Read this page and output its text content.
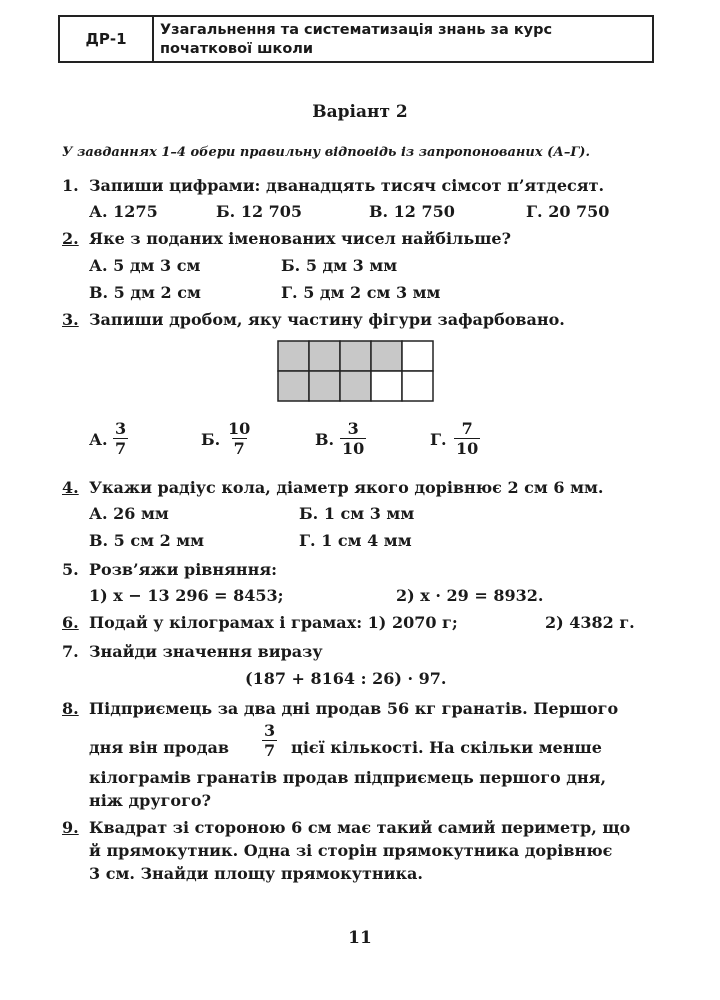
ДР-1	Узагальнення та систематизація знань за курс
початкової школи
Варіант 2
У завданнях 1–4 обери правильну відповідь із запропонованих (А–Г).
1. Запиши цифрами: дванадцять тисяч сімсот п’ятдесят.
А. 1275	Б. 12 705	В. 12 750	Г. 20 750
2. Яке з поданих іменованих чисел найбільше?
А. 5 дм 3 см	Б. 5 дм 3 мм
В. 5 дм 2 см	Г. 5 дм 2 см 3 мм
3. Запиши дробом, яку частину фігури зафарбовано.
А. $\frac{3}{7}$	Б. $\frac{10}{7}$	В. $\frac{3}{10}$	Г. $\frac{7}{10}$
4. Укажи радіус кола, діаметр якого дорівнює 2 см 6 мм.
А. 26 мм	Б. 1 см 3 мм
В. 5 см 2 мм	Г. 1 см 4 мм
5. Розв’яжи рівняння:
1) x − 13 296 = 8453;	2) x · 29 = 8932.
6. Подай у кілограмах і грамах: 1) 2070 г;	2) 4382 г.
7. Знайди значення виразу
(187 + 8164 : 26) · 97.
8. Підприємець за два дні продав 56 кг гранатів. Першого
дня він продав $\frac{3}{7}$ цієї кількості. На скільки менше
кілограмів гранатів продав підприємець першого дня,
ніж другого?
9. Квадрат зі стороною 6 см має такий самий периметр, що
й прямокутник. Одна зі сторін прямокутника дорівнює
3 см. Знайди площу прямокутника.
11
